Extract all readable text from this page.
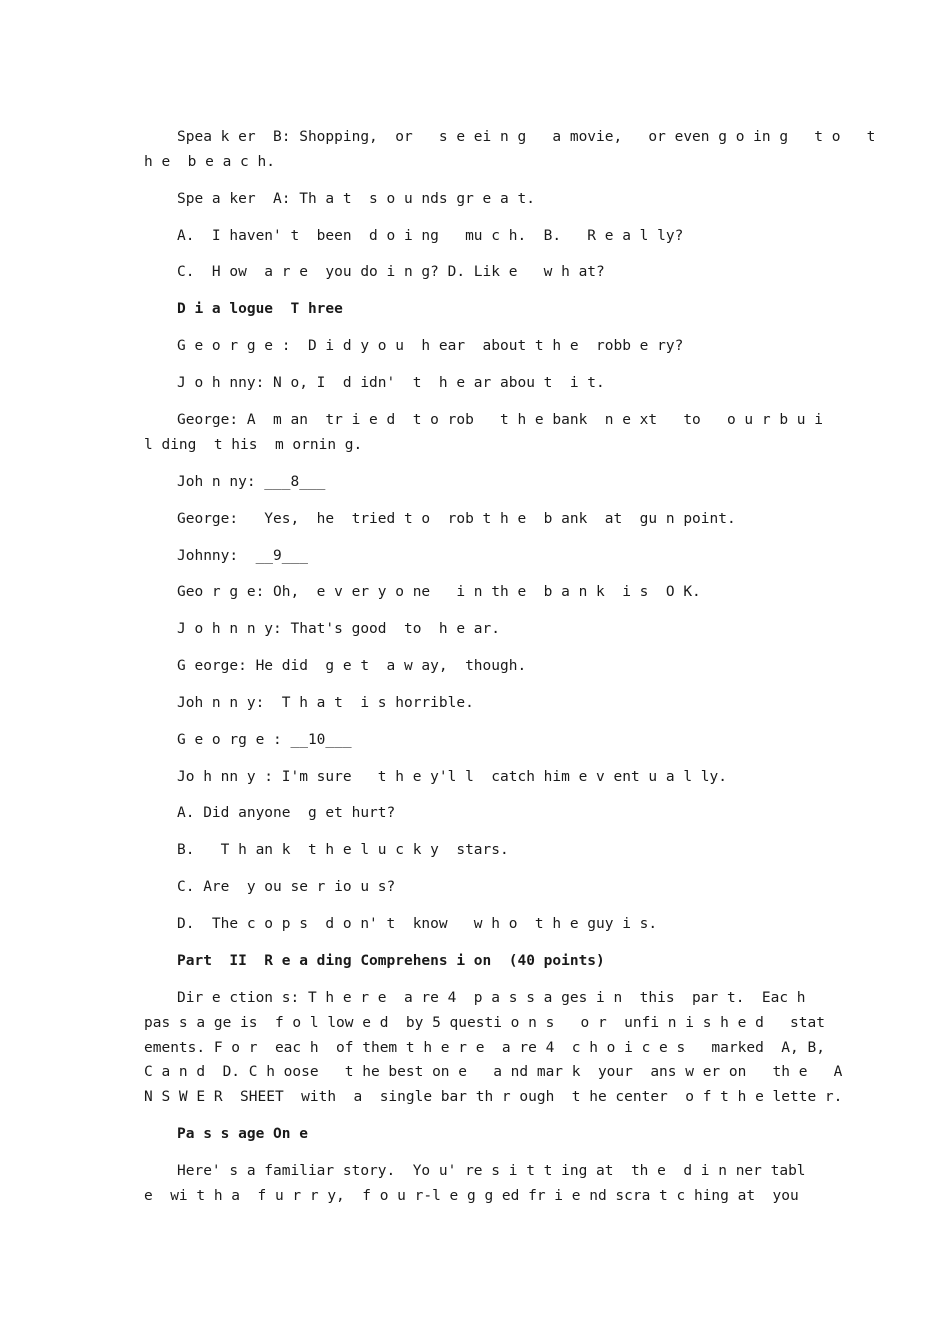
Spea k er  B: Shopping,  or   s e ei n g   a movie,   or even g o in g   t o   t
h e  b e a c h.
Spe a ker  A: Th a t  s o u nds gr e a t.
A.  I haven' t  been  d o i ng   mu c h.  B.   R e a l ly?
C.  H ow  a r e  you do i n g? D. Lik e   w h at?
D i a logue  T hree
G e o r g e :  D i d y o u  h ear  about t h e  robb e ry?
J o h nny: N o, I  d idn'  t  h e ar abou t  i t.
George: A  m an  tr i e d  t o rob   t h e bank  n e xt   to   o u r b u i
l ding  t his  m ornin g.
Joh n ny: ___8___
George:   Yes,  he  tried t o  rob t h e  b ank  at  gu n point.
Johnny:  __9___
Geo r g e: Oh,  e v er y o ne   i n th e  b a n k  i s  O K.
J o h n n y: That's good  to  h e ar.
G eorge: He did  g e t  a w ay,  though.
Joh n n y:  T h a t  i s horrible.
G e o rg e : __10___
Jo h nn y : I'm sure   t h e y'l l  catch him e v ent u a l ly.
A. Did anyone  g et hurt?
B.   T h an k  t h e l u c k y  stars.
C. Are  y ou se r io u s?
D.  The c o p s  d o n' t  know   w h o  t h e guy i s.
Part  II  R e a ding Comprehens i on  (40 points)
Dir e ction s: T h e r e  a re 4  p a s s a ges i n  this  par t.  Eac h
pas s a ge is  f o l low e d  by 5 questi o n s   o r  unfi n i s h e d   stat
ements. F o r  eac h  of them t h e r e  a re 4  c h o i c e s   marked  A, B,
C a n d  D. C h oose   t he best on e   a nd mar k  your  ans w er on   th e   A
N S W E R  SHEET  with  a  single bar th r ough  t he center  o f t h e lette r.
Pa s s age On e
Here' s a familiar story.  Yo u' re s i t t ing at  th e  d i n ner tabl
e  wi t h a  f u r r y,  f o u r-l e g g ed fr i e nd scra t c hing at  you
